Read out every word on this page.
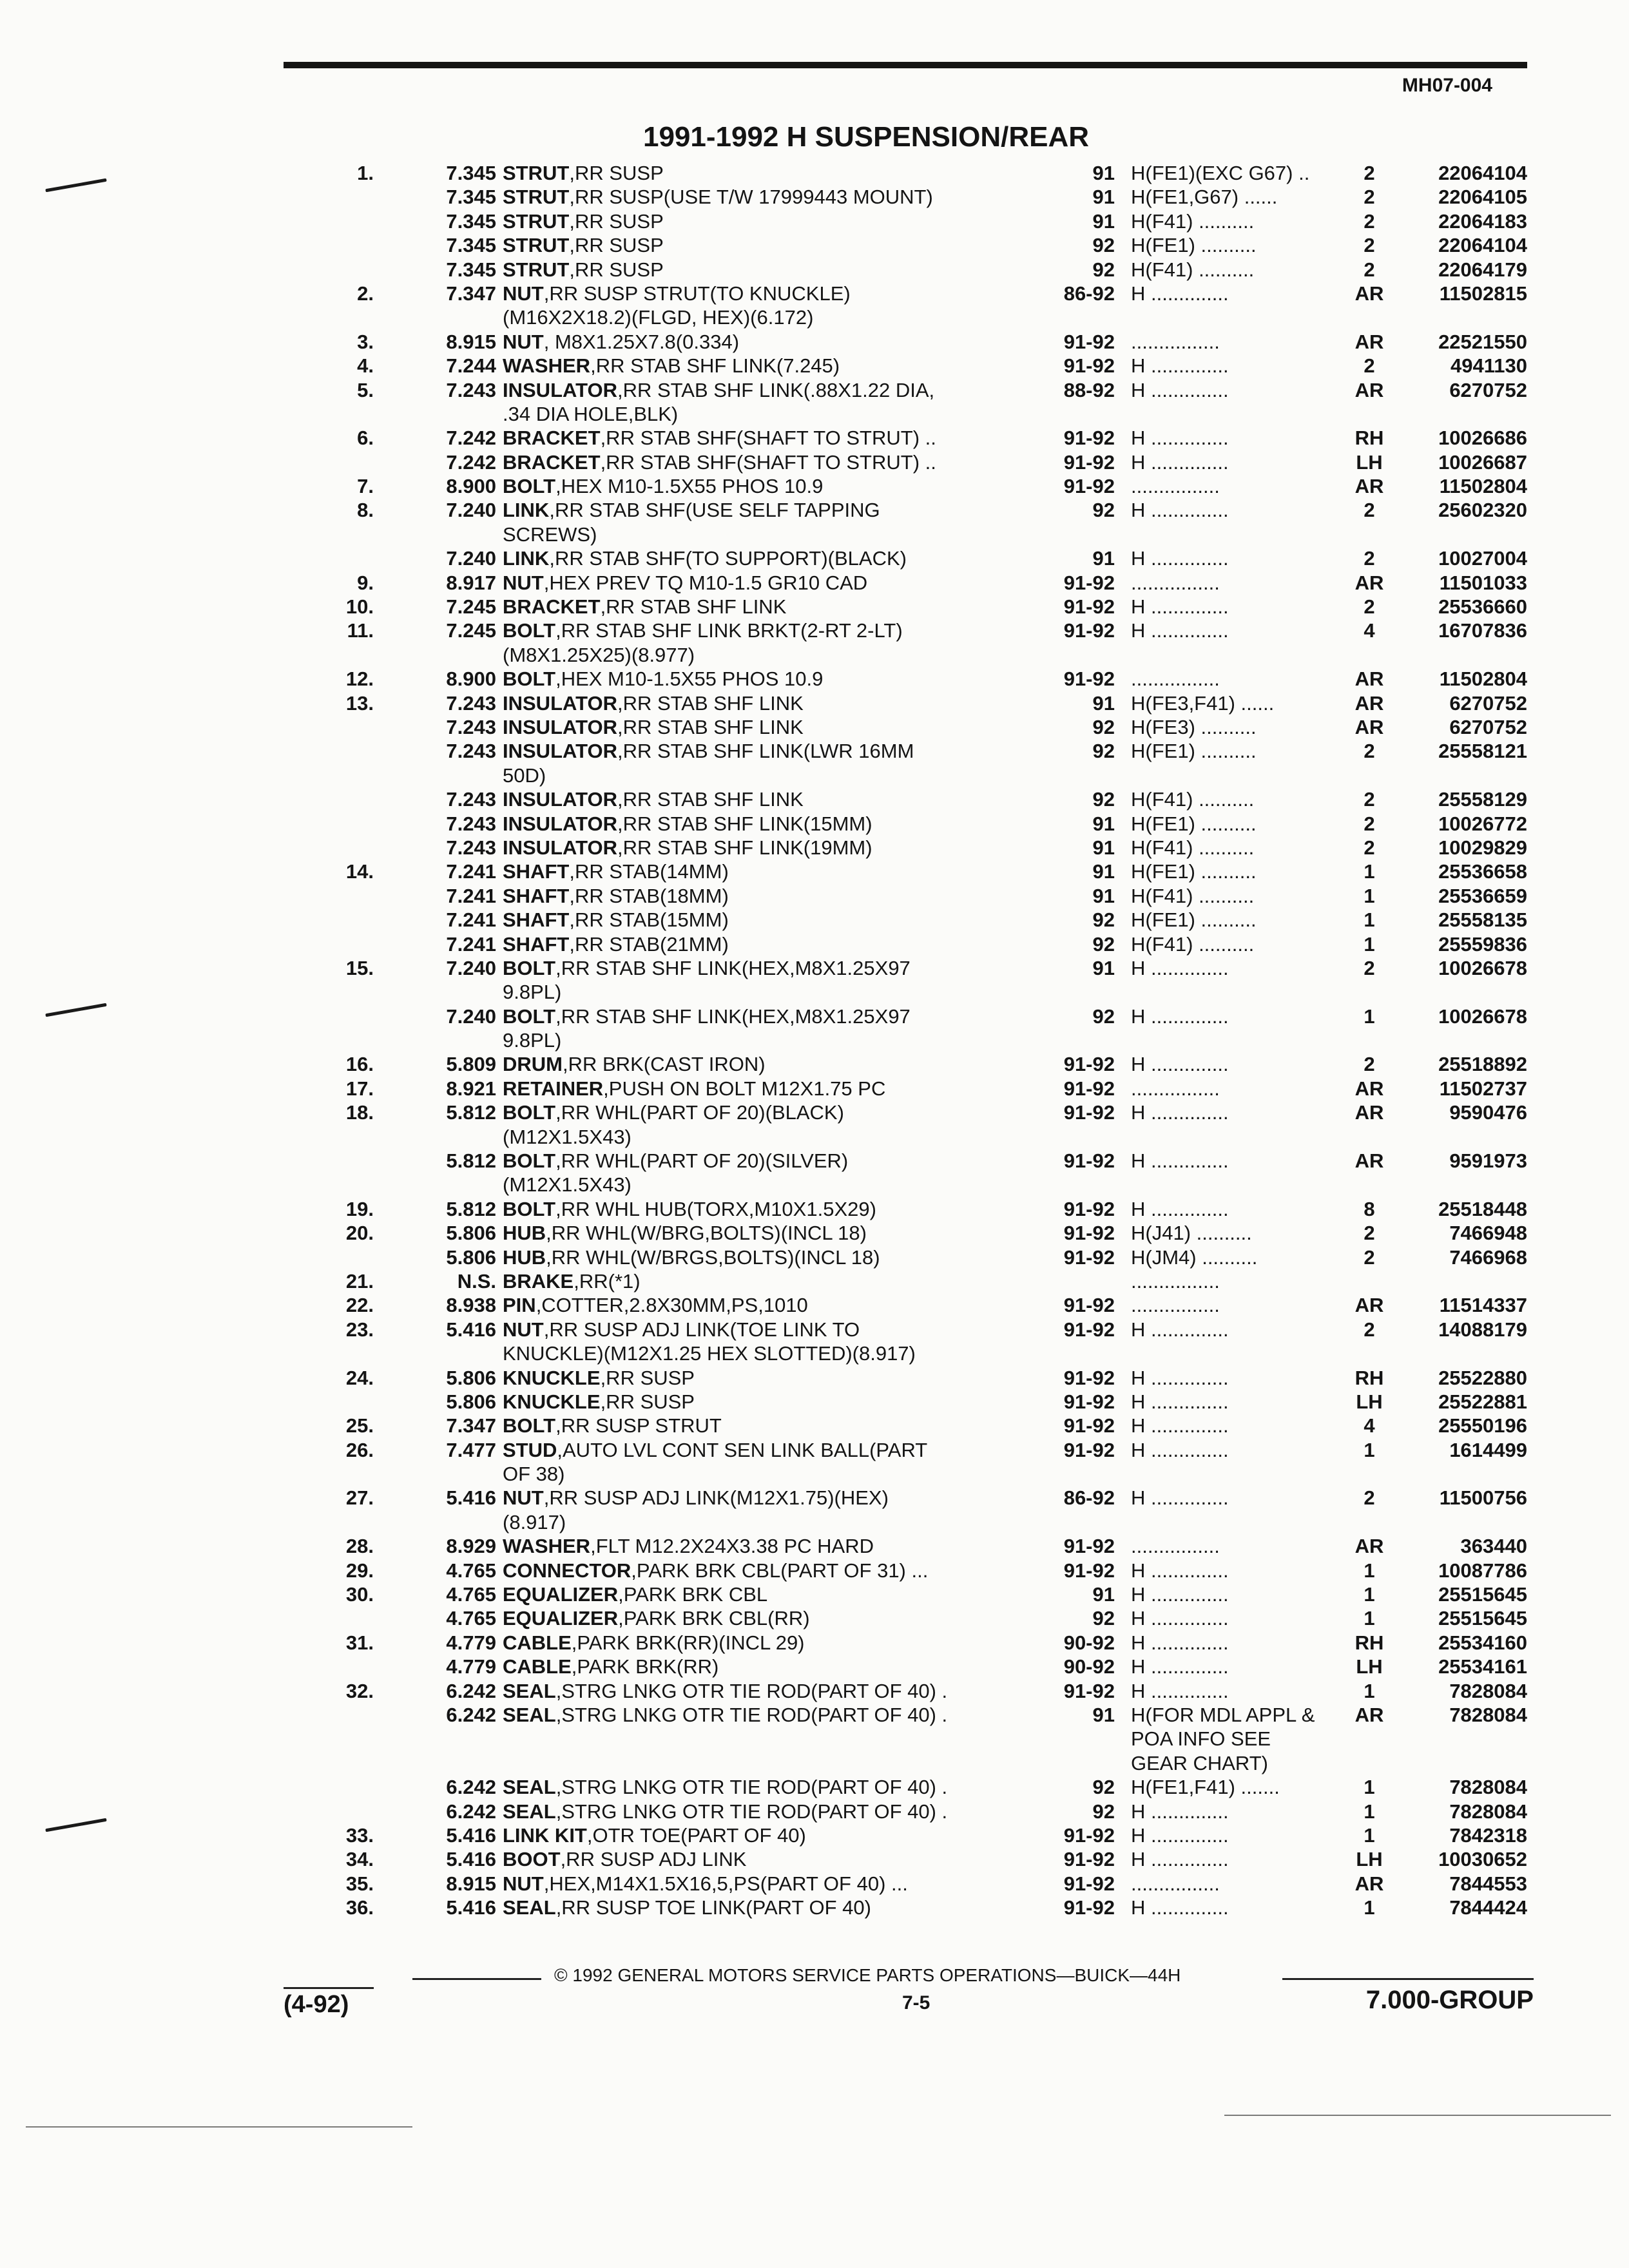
MH07-004
1991-1992 H SUSPENSION/REAR
1.	7.345 STRUT,RR SUSP	91 H(FE1)(EXC G67) ..	2	22064104
7.345 STRUT,RR SUSP(USE T/W 17999443 MOUNT)	91 H(FE1,G67) ......	2	22064105
7.345 STRUT,RR SUSP	91 H(F41) ..........	2	22064183
7.345 STRUT,RR SUSP	92 H(FE1) ..........	2	22064104
7.345 STRUT,RR SUSP	92 H(F41) ..........	2	22064179
2.	7.347 NUT,RR SUSP STRUT(TO KNUCKLE)	86-92 H ..............	AR	11502815
(M16X2X18.2)(FLGD, HEX)(6.172)
3.	8.915 NUT, M8X1.25X7.8(0.334)	91-92 ................	AR	22521550
4.	7.244 WASHER,RR STAB SHF LINK(7.245)	91-92 H ..............	2	4941130
5.	7.243 INSULATOR,RR STAB SHF LINK(.88X1.22 DIA,	88-92 H ..............	AR	6270752
.34 DIA HOLE,BLK)
6.	7.242 BRACKET,RR STAB SHF(SHAFT TO STRUT) ..	91-92 H ..............	RH	10026686
7.242 BRACKET,RR STAB SHF(SHAFT TO STRUT) ..	91-92 H ..............	LH	10026687
7.	8.900 BOLT,HEX M10-1.5X55 PHOS 10.9	91-92 ................	AR	11502804
8.	7.240 LINK,RR STAB SHF(USE SELF TAPPING	92 H ..............	2	25602320
SCREWS)
7.240 LINK,RR STAB SHF(TO SUPPORT)(BLACK)	91 H ..............	2	10027004
9.	8.917 NUT,HEX PREV TQ M10-1.5 GR10 CAD	91-92 ................	AR	11501033
10.	7.245 BRACKET,RR STAB SHF LINK	91-92 H ..............	2	25536660
11.	7.245 BOLT,RR STAB SHF LINK BRKT(2-RT 2-LT)	91-92 H ..............	4	16707836
(M8X1.25X25)(8.977)
12.	8.900 BOLT,HEX M10-1.5X55 PHOS 10.9	91-92 ................	AR	11502804
13.	7.243 INSULATOR,RR STAB SHF LINK	91 H(FE3,F41) ......	AR	6270752
7.243 INSULATOR,RR STAB SHF LINK	92 H(FE3) ..........	AR	6270752
7.243 INSULATOR,RR STAB SHF LINK(LWR 16MM	92 H(FE1) ..........	2	25558121
50D)
7.243 INSULATOR,RR STAB SHF LINK	92 H(F41) ..........	2	25558129
7.243 INSULATOR,RR STAB SHF LINK(15MM)	91 H(FE1) ..........	2	10026772
7.243 INSULATOR,RR STAB SHF LINK(19MM)	91 H(F41) ..........	2	10029829
14.	7.241 SHAFT,RR STAB(14MM)	91 H(FE1) ..........	1	25536658
7.241 SHAFT,RR STAB(18MM)	91 H(F41) ..........	1	25536659
7.241 SHAFT,RR STAB(15MM)	92 H(FE1) ..........	1	25558135
7.241 SHAFT,RR STAB(21MM)	92 H(F41) ..........	1	25559836
15.	7.240 BOLT,RR STAB SHF LINK(HEX,M8X1.25X97	91 H ..............	2	10026678
9.8PL)
7.240 BOLT,RR STAB SHF LINK(HEX,M8X1.25X97	92 H ..............	1	10026678
9.8PL)
16.	5.809 DRUM,RR BRK(CAST IRON)	91-92 H ..............	2	25518892
17.	8.921 RETAINER,PUSH ON BOLT M12X1.75 PC	91-92 ................	AR	11502737
18.	5.812 BOLT,RR WHL(PART OF 20)(BLACK)	91-92 H ..............	AR	9590476
(M12X1.5X43)
5.812 BOLT,RR WHL(PART OF 20)(SILVER)	91-92 H ..............	AR	9591973
(M12X1.5X43)
19.	5.812 BOLT,RR WHL HUB(TORX,M10X1.5X29)	91-92 H ..............	8	25518448
20.	5.806 HUB,RR WHL(W/BRG,BOLTS)(INCL 18)	91-92 H(J41) ..........	2	7466948
5.806 HUB,RR WHL(W/BRGS,BOLTS)(INCL 18)	91-92 H(JM4) ..........	2	7466968
21.	N.S. BRAKE,RR(*1)	................
22.	8.938 PIN,COTTER,2.8X30MM,PS,1010	91-92 ................	AR	11514337
23.	5.416 NUT,RR SUSP ADJ LINK(TOE LINK TO	91-92 H ..............	2	14088179
KNUCKLE)(M12X1.25 HEX SLOTTED)(8.917)
24.	5.806 KNUCKLE,RR SUSP	91-92 H ..............	RH	25522880
5.806 KNUCKLE,RR SUSP	91-92 H ..............	LH	25522881
25.	7.347 BOLT,RR SUSP STRUT	91-92 H ..............	4	25550196
26.	7.477 STUD,AUTO LVL CONT SEN LINK BALL(PART	91-92 H ..............	1	1614499
OF 38)
27.	5.416 NUT,RR SUSP ADJ LINK(M12X1.75)(HEX)	86-92 H ..............	2	11500756
(8.917)
28.	8.929 WASHER,FLT M12.2X24X3.38 PC HARD	91-92 ................	AR	363440
29.	4.765 CONNECTOR,PARK BRK CBL(PART OF 31) ...	91-92 H ..............	1	10087786
30.	4.765 EQUALIZER,PARK BRK CBL	91 H ..............	1	25515645
4.765 EQUALIZER,PARK BRK CBL(RR)	92 H ..............	1	25515645
31.	4.779 CABLE,PARK BRK(RR)(INCL 29)	90-92 H ..............	RH	25534160
4.779 CABLE,PARK BRK(RR)	90-92 H ..............	LH	25534161
32.	6.242 SEAL,STRG LNKG OTR TIE ROD(PART OF 40) .	91-92 H ..............	1	7828084
6.242 SEAL,STRG LNKG OTR TIE ROD(PART OF 40) .	91 H(FOR MDL APPL &	AR	7828084
POA INFO SEE
GEAR CHART)
6.242 SEAL,STRG LNKG OTR TIE ROD(PART OF 40) .	92 H(FE1,F41) .......	1	7828084
6.242 SEAL,STRG LNKG OTR TIE ROD(PART OF 40) .	92 H ..............	1	7828084
33.	5.416 LINK KIT,OTR TOE(PART OF 40)	91-92 H ..............	1	7842318
34.	5.416 BOOT,RR SUSP ADJ LINK	91-92 H ..............	LH	10030652
35.	8.915 NUT,HEX,M14X1.5X16,5,PS(PART OF 40) ...	91-92 ................	AR	7844553
36.	5.416 SEAL,RR SUSP TOE LINK(PART OF 40)	91-92 H ..............	1	7844424
© 1992 GENERAL MOTORS SERVICE PARTS OPERATIONS—BUICK—44H
(4-92)	7-5	7.000-GROUP
